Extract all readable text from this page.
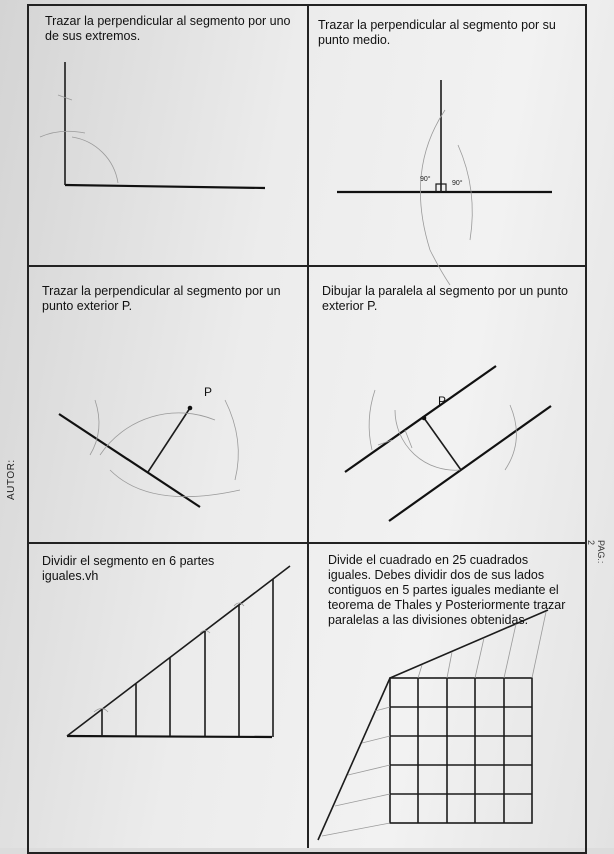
AUTOR:
PAG.: 2

Trazar la perpendicular al segmento por uno de sus extremos.

Trazar la perpendicular al segmento por su punto medio.

Trazar la perpendicular al segmento por un punto exterior P.

Dibujar la paralela al segmento por un punto exterior P.

Dividir el segmento en 6 partes iguales.vh

Divide el cuadrado en 25 cuadrados iguales. Debes dividir dos de sus lados contiguos en 5 partes iguales mediante el teorema de Thales y Posteriormente trazar paralelas a las divisiones obtenidas.

90°
90°
P
P
